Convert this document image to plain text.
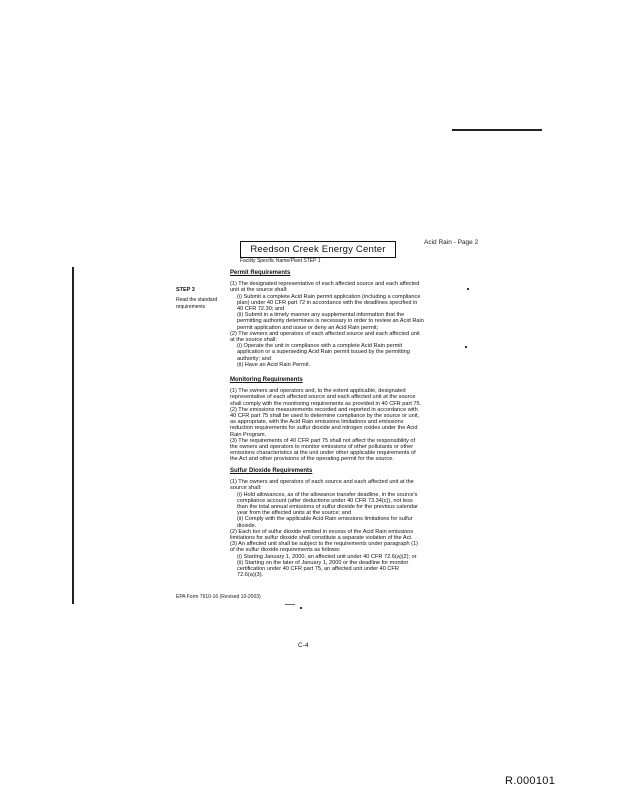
Acid Rain - Page 2
Reedson Creek Energy Center
Facility Specific Name/Plant STEP 1
STEP 3
Read the standard requirements
Permit Requirements

(1) The designated representative of each affected source and each affected

unit at the source shall:

(i) Submit a complete Acid Rain permit application (including a compliance

plan) under 40 CFR part 72 in accordance with the deadlines specified in

40 CFR 72.30; and

(ii) Submit in a timely manner any supplemental information that the

permitting authority determines is necessary in order to review an Acid Rain

permit application and issue or deny an Acid Rain permit;

(2) The owners and operators of each affected source and each affected unit

at the source shall:

(i) Operate the unit in compliance with a complete Acid Rain permit

application or a superseding Acid Rain permit issued by the permitting

authority; and

(ii) Have an Acid Rain Permit.

Monitoring Requirements

(1) The owners and operators and, to the extent applicable, designated

representative of each affected source and each affected unit at the source

shall comply with the monitoring requirements as provided in 40 CFR part 75.

(2) The emissions measurements recorded and reported in accordance with

40 CFR part 75 shall be used to determine compliance by the source or unit,

as appropriate, with the Acid Rain emissions limitations and emissions

reduction requirements for sulfur dioxide and nitrogen oxides under the Acid

Rain Program.

(3) The requirements of 40 CFR part 75 shall not affect the responsibility of

the owners and operators to monitor emissions of other pollutants or other

emissions characteristics at the unit under other applicable requirements of

the Act and other provisions of the operating permit for the source.

Sulfur Dioxide Requirements

(1) The owners and operators of each source and each affected unit at the

source shall:

(i) Hold allowances, as of the allowance transfer deadline, in the source's

compliance account (after deductions under 40 CFR 73.34(c)), not less

than the total annual emissions of sulfur dioxide for the previous calendar

year from the affected units at the source; and

(ii) Comply with the applicable Acid Rain emissions limitations for sulfur

dioxide.

(2) Each ton of sulfur dioxide emitted in excess of the Acid Rain emissions

limitations for sulfur dioxide shall constitute a separate violation of the Act.

(3) An affected unit shall be subject to the requirements under paragraph (1)

of the sulfur dioxide requirements as follows:

(i) Starting January 1, 2000, an affected unit under 40 CFR 72.6(a)(2); or

(ii) Starting on the later of January 1, 2000 or the deadline for monitor

certification under 40 CFR part 75, an affected unit under 40 CFR

72.6(a)(3).

EPA Form 7610-16 (Revised 10-2003)
C-4
R.000101
